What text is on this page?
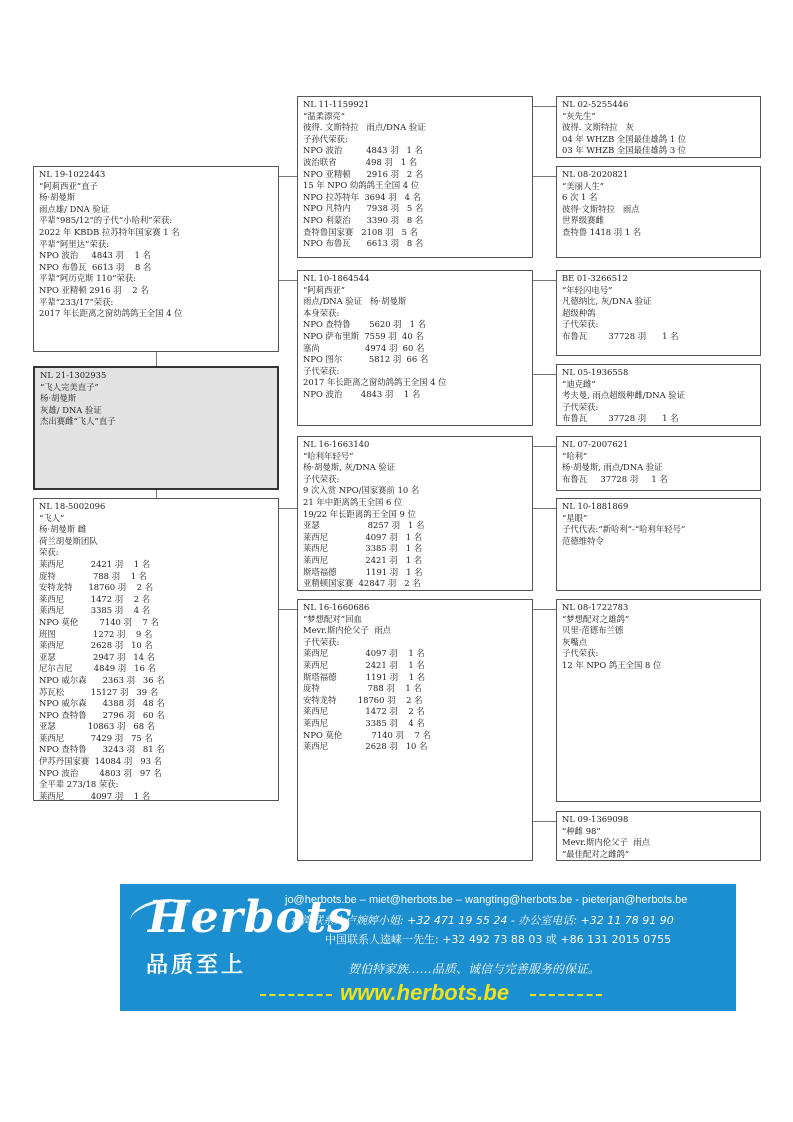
NL 21-1302935
“飞人完美直子”
杨·胡曼斯
灰雄/ DNA 验证
杰出赛雌“飞人”直子
NL 19-1022443
“阿莉西亚”直子
杨·胡曼斯
雨点雄/ DNA 验证
平辈“985/12”的子代“小哈利”荣获:
2022 年 KBDB 拉苏特年国家赛 1 名
平辈“阿里达”荣获:
NPO 波治     4843 羽    1 名
NPO 布鲁瓦  6613 羽    8 名
平辈“阿历克斯 110”荣获:
NPO 亚精顿 2916 羽    2 名
平辈“233/17”荣获:
2017 年长距离之窗幼鸽鸽王全国 4 位
NL 18-5002096
“飞人”
杨·胡曼斯 雌
荷兰胡曼斯团队
荣获:
莱西尼          2421 羽    1 名
庞特              788 羽    1 名
安特龙特      18760 羽    2 名
莱西尼          1472 羽    2 名
莱西尼          3385 羽    4 名
NPO 莫伦        7140 羽    7 名
班图              1272 羽    9 名
莱西尼          2628 羽   10 名
亚瑟              2947 羽   14 名
尼尔吉尼        4849 羽   16 名
NPO 威尔森      2363 羽   36 名
苏瓦松          15127 羽   39 名
NPO 威尔森      4388 羽   48 名
NPO 查特鲁      2796 羽   60 名
亚瑟            10863 羽   68 名
莱西尼          7429 羽   75 名
NPO 查特鲁      3243 羽   81 名
伊苏丹国家赛  14084 羽   93 名
NPO 波治        4803 羽   97 名
全平辈 273/18 荣获:
莱西尼          4097 羽    1 名
NL 11-1159921
“温柔漂亮”
彼得. 文斯特拉   雨点/DNA 验证
子孙代荣获:
NPO 波治         4843 羽   1 名
波治联省           498 羽   1 名
NPO 亚精顿      2916 羽   2 名
15 年 NPO 幼鸽鸽王全国 4 位
NPO 拉苏特年  3694 羽   4 名
NPO 凡特内      7938 羽   5 名
NPO 利蒙治      3390 羽   8 名
查特鲁国家赛   2108 羽   5 名
NPO 布鲁瓦      6613 羽   8 名
NL 10-1864544
“阿莉西亚”
雨点/DNA 验证   杨·胡曼斯
本身荣获:
NPO 查特鲁       5620 羽   1 名
NPO 萨布里斯  7559 羽  40 名
塞尚                 4974 羽  60 名
NPO 图尔          5812 羽  66 名
子代荣获:
2017 年长距离之窗幼鸽鸽王全国 4 位
NPO 波治       4843 羽    1 名
NL 16-1663140
“哈利年轻号”
杨·胡曼斯, 灰/DNA 验证
子代荣获:
9 次入赏 NPO/国家赛前 10 名
21 年中距离鸽王全国 6 位
19/22 年长距离鸽王全国 9 位
亚瑟                  8257 羽   1 名
莱西尼              4097 羽   1 名
莱西尼              3385 羽   1 名
莱西尼              2421 羽   1 名
斯塔福德           1191 羽   1 名
亚精顿国家赛  42847 羽   2 名
NL 16-1660686
“梦想配对”回血
Mevr.斯内伦父子  雨点
子代荣获:
莱西尼              4097 羽    1 名
莱西尼              2421 羽    1 名
斯塔福德           1191 羽    1 名
庞特                  788 羽    1 名
安特龙特        18760 羽    2 名
莱西尼              1472 羽    2 名
莱西尼              3385 羽    4 名
NPO 莫伦           7140 羽    7 名
莱西尼              2628 羽   10 名
NL 02-5255446
“灰先生”
彼得. 文斯特拉   灰
04 年 WHZB 全国最佳雄鸽 1 位
03 年 WHZB 全国最佳雄鸽 3 位
NL 08-2020821
“美丽人生”
6 次 1 名
彼得·文斯特拉   雨点
世界级赛雌
查特鲁 1418 羽 1 名
BE 01-3266512
“年轻闪电号”
凡德纳比, 灰/DNA 验证
超级种鸽
子代荣获:
布鲁瓦        37728 羽      1 名
NL 05-1936558
“迪克雌”
考夫曼, 雨点超级种雌/DNA 验证
子代荣获:
布鲁瓦        37728 羽      1 名
NL 07-2007621
“哈利”
杨·胡曼斯, 雨点/DNA 验证
布鲁瓦     37728 羽     1 名
NL 10-1881869
“星眼”
子代代表:“新哈利”-“哈利年轻号”
范德维特令
NL 08-1722783
“梦想配对之雄鸽”
贝里·范德布兰德
灰嘴点
子代荣获:
12 年 NPO 鸽王全国 8 位
NL 09-1369098
“种雌 98”
Mevr.斯内伦父子  雨点
“最佳配对之雌鸽”
Herbots
品质至上
jo@herbots.be – miet@herbots.be – wangting@herbots.be - pieterjan@herbots.be
台湾联系人卢婉婷小姐: +32 471 19 55 24 - 办公室电话: +32 11 78 91 90
中国联系人逵崃一先生: +32 492 73 88 03 或 +86 131 2015 0755
贺伯特家族……品质、诚信与完善服务的保证。
www.herbots.be
